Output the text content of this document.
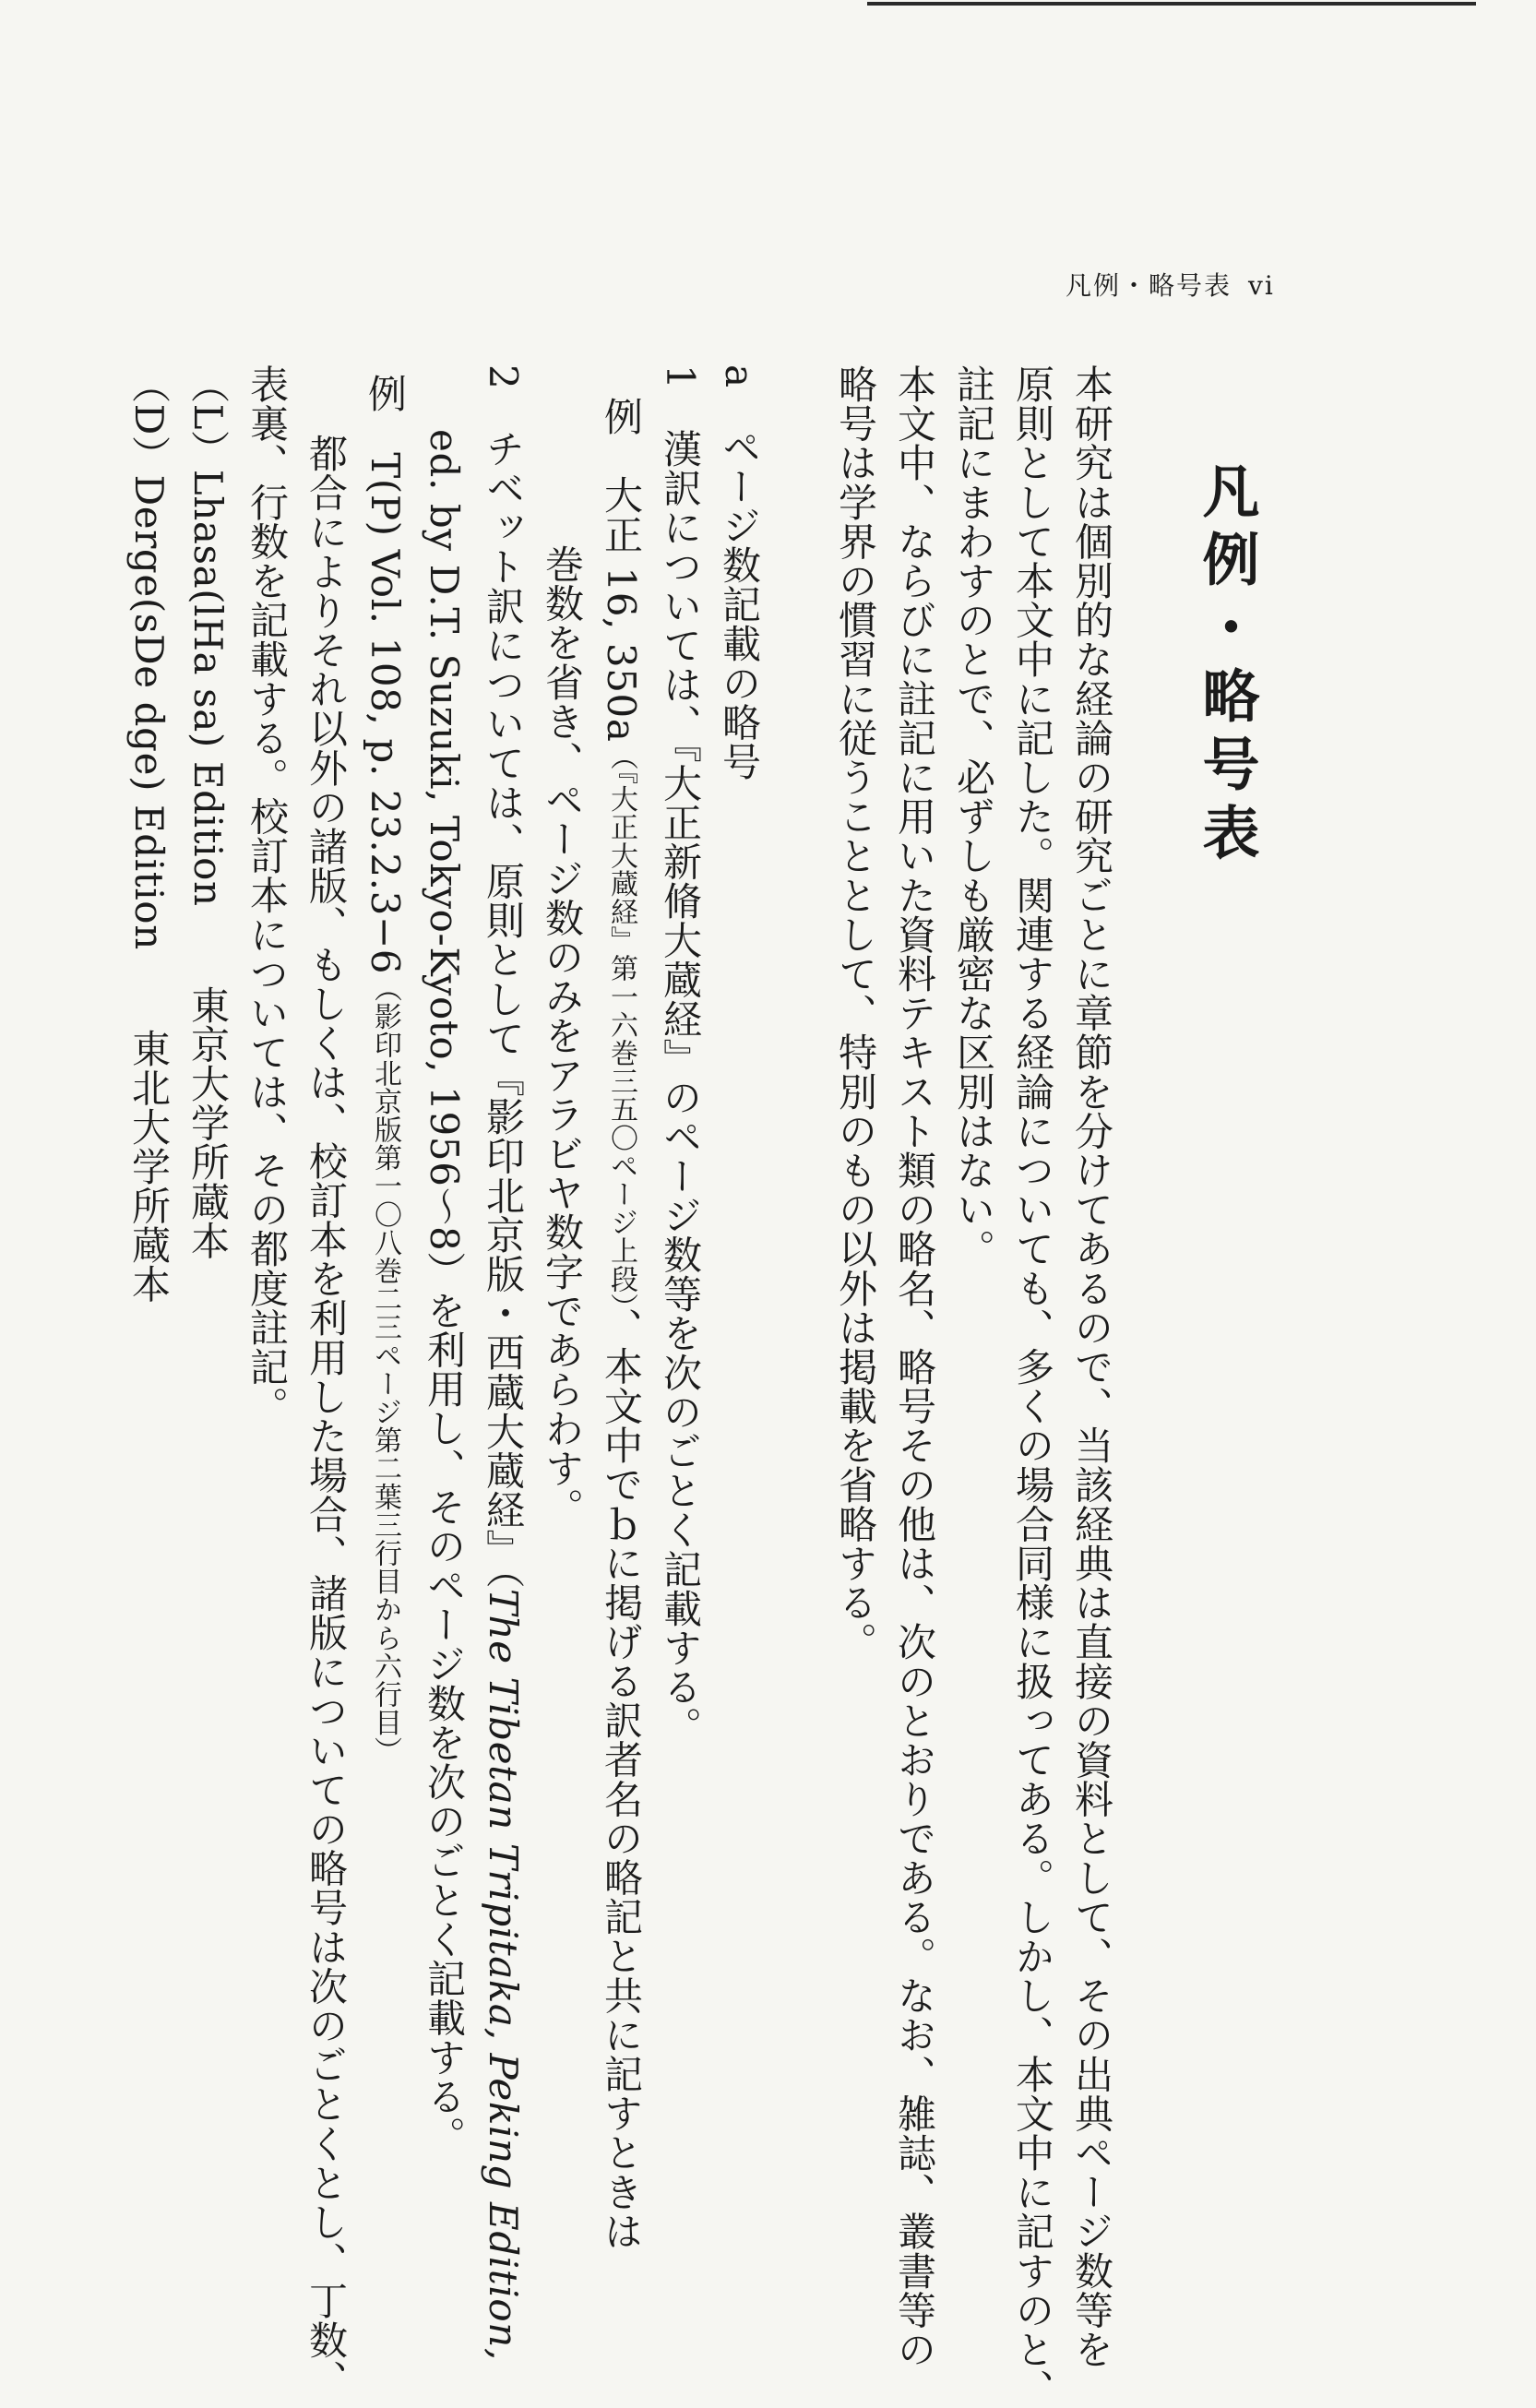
凡例・略号表 vi
凡例・略号表
本研究は個別的な経論の研究ごとに章節を分けてあるので、当該経典は直接の資料として、その出典ページ数等を
原則として本文中に記した。関連する経論についても、多くの場合同様に扱ってある。しかし、本文中に記すのと、
註記にまわすのとで、必ずしも厳密な区別はない。
本文中、ならびに註記に用いた資料テキスト類の略名、略号その他は、次のとおりである。なお、雑誌、叢書等の
略号は学界の慣習に従うこととして、特別のもの以外は掲載を省略する。
a　ページ数記載の略号
1　漢訳については、『大正新脩大蔵経』のページ数等を次のごとく記載する。
例　大正 16, 350a（『大正大蔵経』第一六巻三五〇ページ上段）、本文中でｂに掲げる訳者名の略記と共に記すときは
巻数を省き、ページ数のみをアラビヤ数字であらわす。
2　チベット訳については、原則として『影印北京版・西蔵大蔵経』（The Tibetan Tripitaka, Peking Edition,
ed. by D.T. Suzuki, Tokyo-Kyoto, 1956〜8）を利用し、そのページ数を次のごとく記載する。
例　T(P) Vol. 108, p. 23.2.3−6（影印北京版第一〇八巻二三ページ第二葉三行目から六行目）
都合によりそれ以外の諸版、もしくは、校訂本を利用した場合、諸版についての略号は次のごとくとし、丁数、
表裏、行数を記載する。校訂本については、その都度註記。
（L）Lhasa(lHa sa) Edition　　東京大学所蔵本
（D）Derge(sDe dge) Edition　　東北大学所蔵本
